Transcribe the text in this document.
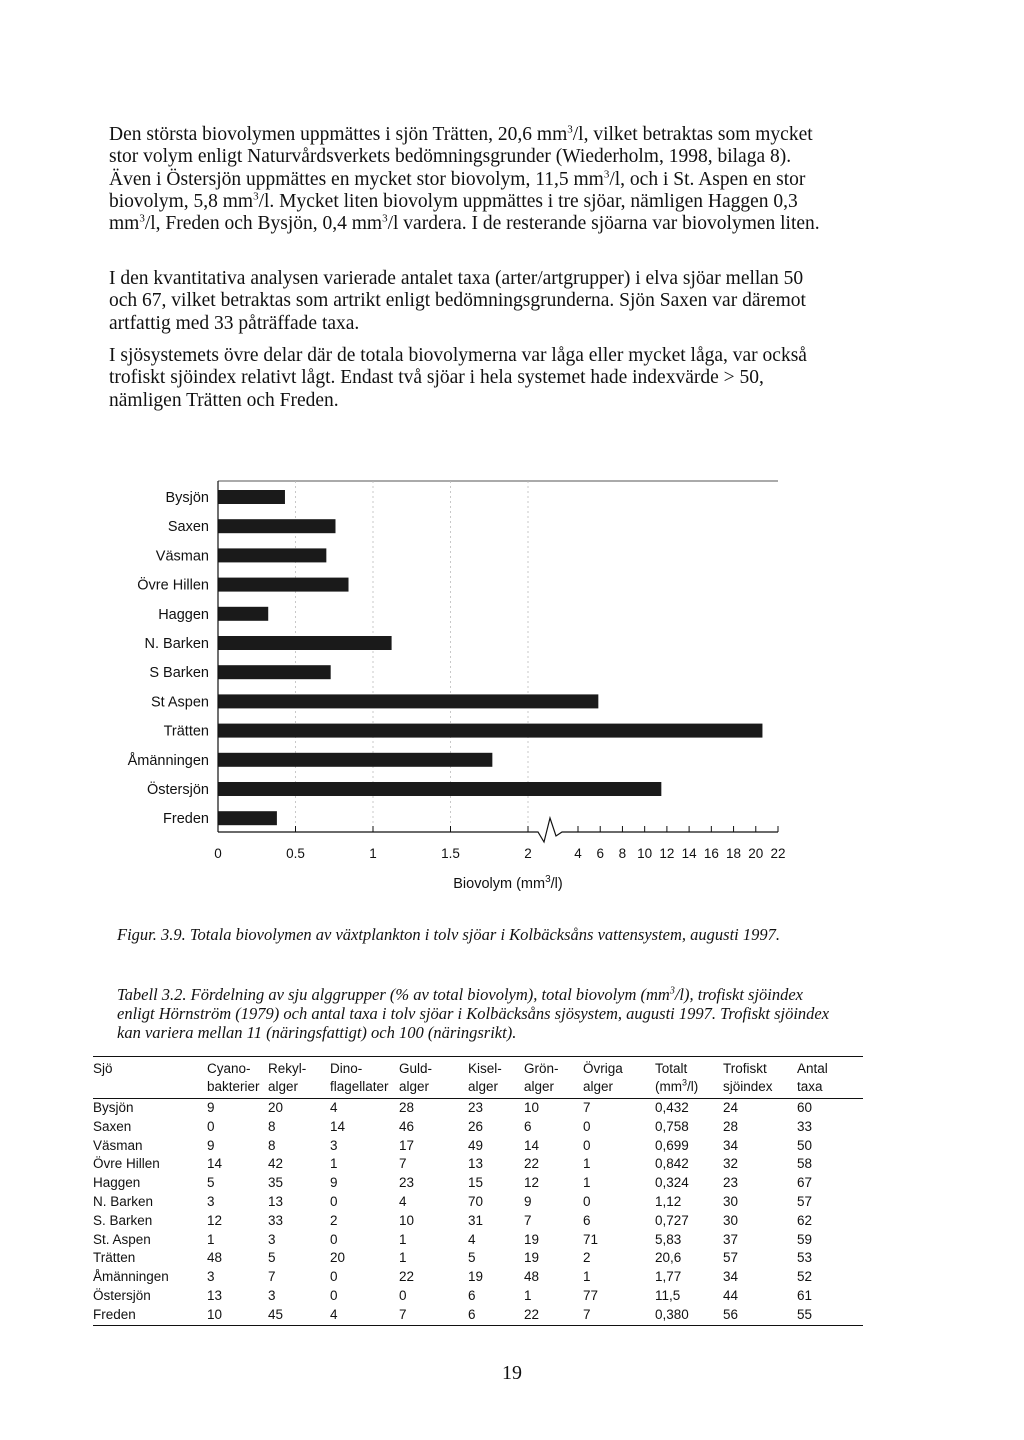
Den största biovolymen uppmättes i sjön Trätten, 20,6 $mm^3/l$, vilket betraktas som mycket stor volym enligt Naturvårdsverkets bedömningsgrunder (Wiederholm, 1998, bilaga 8). Även i Östersjön uppmättes en mycket stor biovolym, 11,5 $mm^3/l$, och i St. Aspen en stor biovolym, 5,8 $mm^3/l$. Mycket liten biovolym uppmättes i tre sjöar, nämligen Haggen 0,3 $mm^3/l$, Freden och Bysjön, 0,4 $mm^3/l$ vardera. I de resterande sjöarna var biovolymen liten.

I den kvantitativa analysen varierade antalet taxa (arter/artgrupper) i elva sjöar mellan 50 och 67, vilket betraktas som artrikt enligt bedömningsgrunderna. Sjön Saxen var däremot artfattig med 33 påträffade taxa.

I sjösystemets övre delar där de totala biovolymerna var låga eller mycket låga, var också trofiskt sjöindex relativt lågt. Endast två sjöar i hela systemet hade indexvärde > 50, nämligen Trätten och Freden.

Bysjön
Saxen
Väsman
Övre Hillen
Haggen
N. Barken
S Barken
St Aspen
Trätten
Åmänningen
Östersjön
Freden
0	0.5	1	1.5	2	4 6 8 10 12 14 16 18 20 22
Biovolym $(mm^3/l)$

Figur. 3.9. Totala biovolymen av växtplankton i tolv sjöar i Kolbäcksåns vattensystem, augusti 1997.

Tabell 3.2. Fördelning av sju alggrupper (% av total biovolym), total biovolym $(mm^3/l)$, trofiskt sjöindex enligt Hörnström (1979) och antal taxa i tolv sjöar i Kolbäcksåns sjösystem, augusti 1997. Trofiskt sjöindex kan variera mellan 11 (näringsfattigt) och 100 (näringsrikt).

Sjö	Cyano-	Rekyl-	Dino-	Guld-	Kisel-	Grön-	Övriga	Totalt	Trofiskt	Antal
	bakterier	alger	flagellater	alger	alger	alger	alger	$(mm^3/l)$	sjöindex	taxa
Bysjön	9	20	4	28	23	10	7	0,432	24	60
Saxen	0	8	14	46	26	6	0	0,758	28	33
Väsman	9	8	3	17	49	14	0	0,699	34	50
Övre Hillen	14	42	1	7	13	22	1	0,842	32	58
Haggen	5	35	9	23	15	12	1	0,324	23	67
N. Barken	3	13	0	4	70	9	0	1,12	30	57
S. Barken	12	33	2	10	31	7	6	0,727	30	62
St. Aspen	1	3	0	1	4	19	71	5,83	37	59
Trätten	48	5	20	1	5	19	2	20,6	57	53
Åmänningen	3	7	0	22	19	48	1	1,77	34	52
Östersjön	13	3	0	0	6	1	77	11,5	44	61
Freden	10	45	4	7	6	22	7	0,380	56	55
19
